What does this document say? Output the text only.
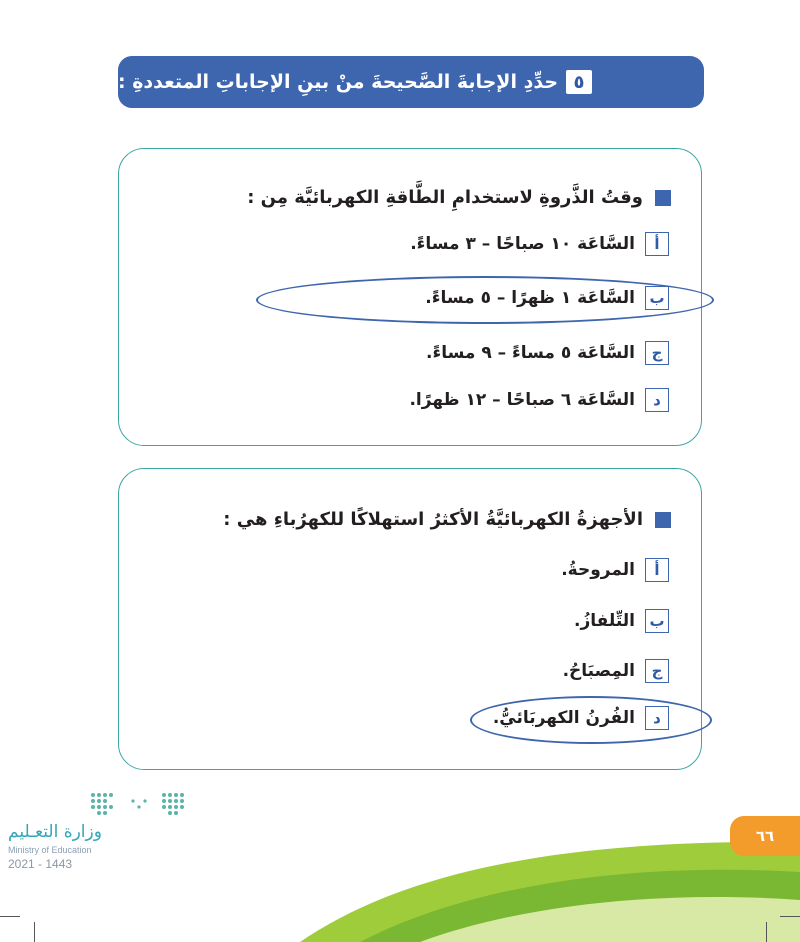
٥
حدِّدِ الإجابةَ الصَّحيحةَ منْ بينِ الإجاباتِ المتعددةِ :
وقتُ الذَّروةِ لاستخدامِ الطَّاقةِ الكهربائيَّة مِن :
أ
السَّاعَة ١٠ صباحًا – ٣ مساءً.
ب
السَّاعَة ١ ظهرًا – ٥ مساءً.
ج
السَّاعَة ٥ مساءً – ٩ مساءً.
د
السَّاعَة ٦ صباحًا – ١٢ ظهرًا.
الأجهزةُ الكهربائيَّةُ الأكثرُ استهلاكًا للكهرُباءِ هي :
أ
المروحةُ.
ب
التِّلفازُ.
ج
المِصبَاحُ.
د
الفُرنُ الكهربَائيُّ.
٦٦
وزارة التعـليم
Ministry of Education
2021 - 1443
